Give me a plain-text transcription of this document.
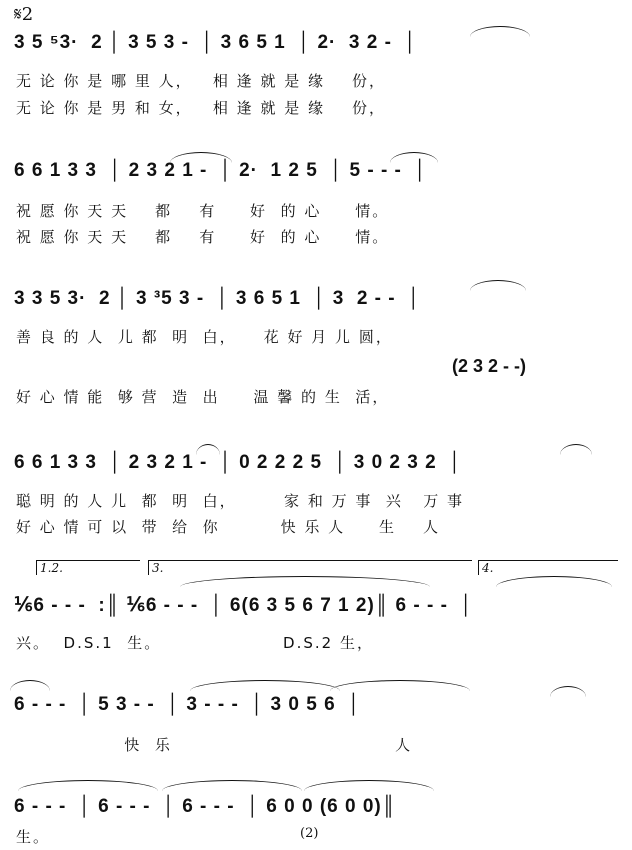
𝄋2
3 5 ⁵3·  2 │ 3 5 3 -  │ 3 6 5 1  │ 2·  3 2 -  │
无 论 你 是 哪 里 人，   相 逢 就 是 缘    份，
无 论 你 是 男 和 女，   相 逢 就 是 缘    份，
6 6 1 3 3  │ 2 3 2 1 -  │ 2·  1 2 5  │ 5 - - -  │
祝 愿 你 天 天    都    有     好  的 心     情。
祝 愿 你 天 天    都    有     好  的 心     情。
3 3 5 3·  2 │ 3 ³5 3 -  │ 3 6 5 1  │ 3  2 - -  │
善 良 的 人  儿 都  明  白，    花 好 月 儿 圆，
(2 3 2 - -)
好 心 情 能  够 营  造  出     温 馨 的 生  活，
6 6 1 3 3  │ 2 3 2 1 -  │ 0 2 2 2 5  │ 3 0 2 3 2  │
聪 明 的 人 儿  都  明  白，       家 和 万 事  兴   万 事
好 心 情 可 以  带  给  你         快 乐 人     生    人
1.2.	3.	4.
⅙6 - - -  :║ ⅙6 - - -  │ 6(6 3 5 6 7 1 2)║ 6 - - -  │
兴。  D.S.1  生。                  D.S.2 生，
6 - - -  │ 5 3 - -  │ 3 - - -  │ 3 0 5 6  │
快  乐                                 人
6 - - -  │ 6 - - -  │ 6 - - -  │ 6 0 0 (6 0 0)║
生。	(2)
